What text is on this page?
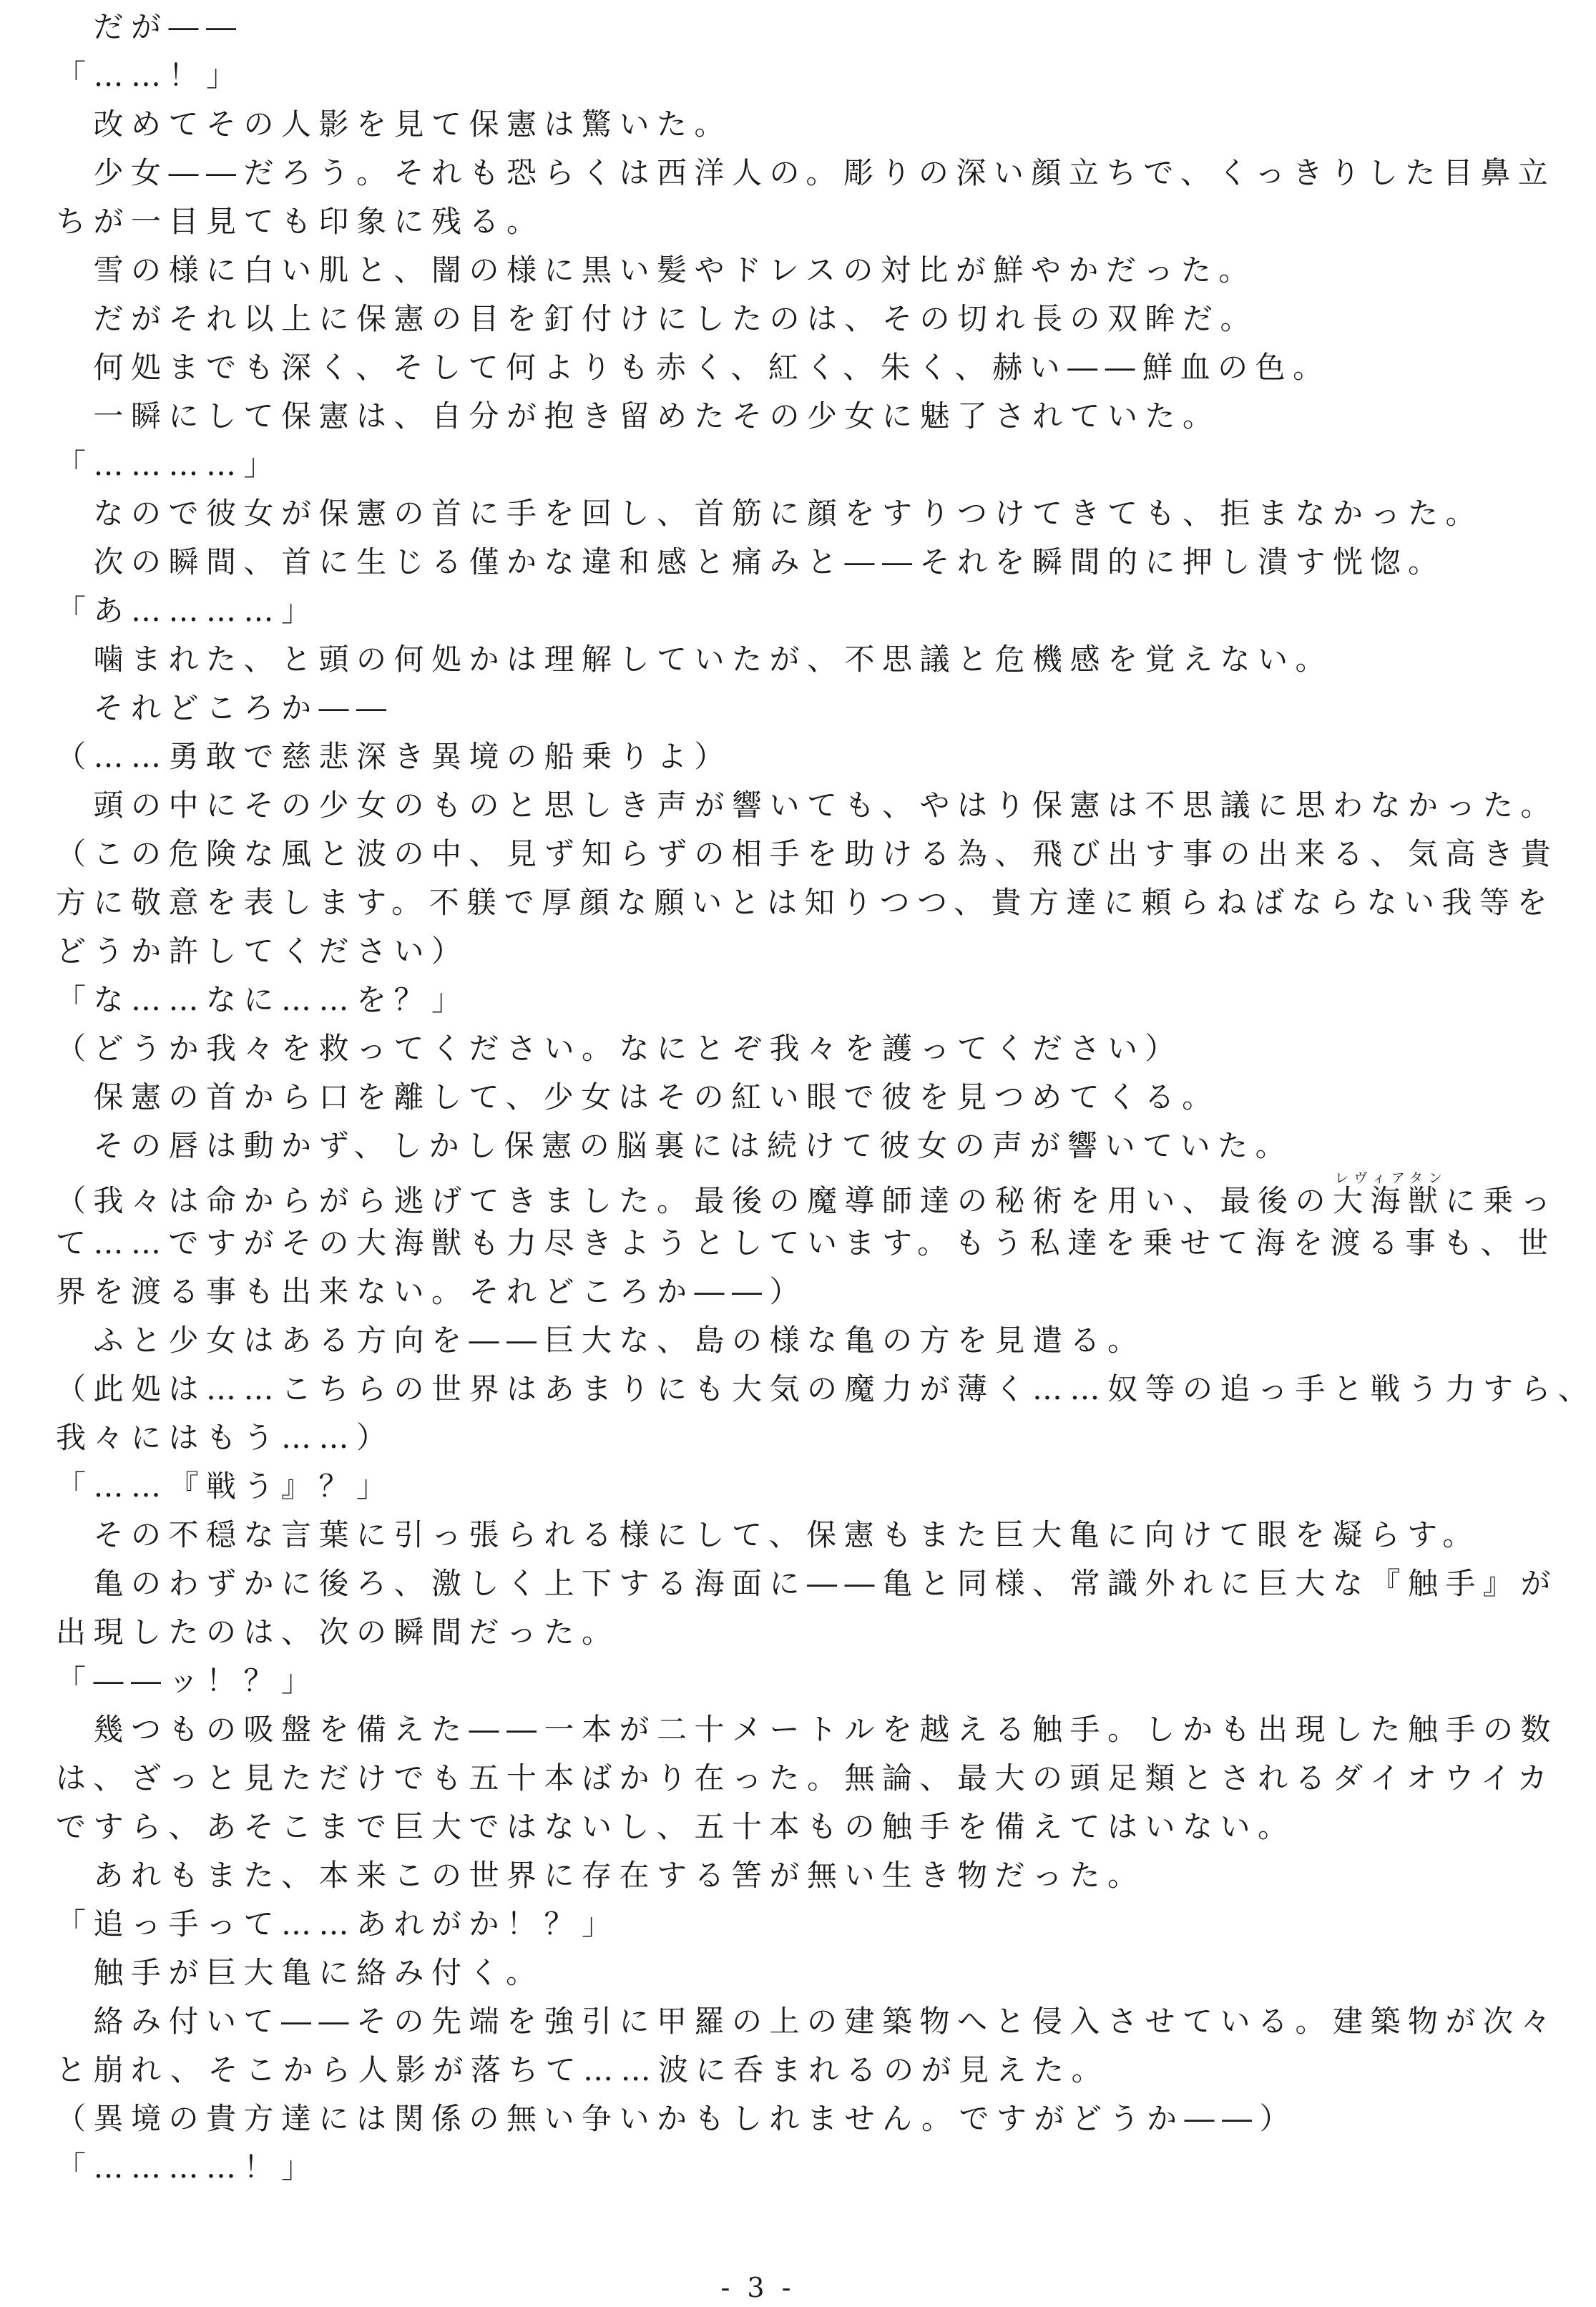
　だが――
「……！」
　改めてその人影を見て保憲は驚いた。
　少女――だろう。それも恐らくは西洋人の。彫りの深い顔立ちで、くっきりした目鼻立
ちが一目見ても印象に残る。
　雪の様に白い肌と、闇の様に黒い髪やドレスの対比が鮮やかだった。
　だがそれ以上に保憲の目を釘付けにしたのは、その切れ長の双眸だ。
　何処までも深く、そして何よりも赤く、紅く、朱く、赫い――鮮血の色。
　一瞬にして保憲は、自分が抱き留めたその少女に魅了されていた。
「…………」
　なので彼女が保憲の首に手を回し、首筋に顔をすりつけてきても、拒まなかった。
　次の瞬間、首に生じる僅かな違和感と痛みと――それを瞬間的に押し潰す恍惚。
「あ…………」
　噛まれた、と頭の何処かは理解していたが、不思議と危機感を覚えない。
　それどころか――
（……勇敢で慈悲深き異境の船乗りよ）
　頭の中にその少女のものと思しき声が響いても、やはり保憲は不思議に思わなかった。
（この危険な風と波の中、見ず知らずの相手を助ける為、飛び出す事の出来る、気高き貴
方に敬意を表します。不躾で厚顔な願いとは知りつつ、貴方達に頼らねばならない我等を
どうか許してください）
「な……なに……を？」
（どうか我々を救ってください。なにとぞ我々を護ってください）
　保憲の首から口を離して、少女はその紅い眼で彼を見つめてくる。
　その唇は動かず、しかし保憲の脳裏には続けて彼女の声が響いていた。
（我々は命からがら逃げてきました。最後の魔導師達の秘術を用い、最後の大海獣レヴィアタンに乗っ
て……ですがその大海獣も力尽きようとしています。もう私達を乗せて海を渡る事も、世
界を渡る事も出来ない。それどころか――）
　ふと少女はある方向を――巨大な、島の様な亀の方を見遣る。
（此処は……こちらの世界はあまりにも大気の魔力が薄く……奴等の追っ手と戦う力すら、
我々にはもう……）
「……『戦う』？」
　その不穏な言葉に引っ張られる様にして、保憲もまた巨大亀に向けて眼を凝らす。
　亀のわずかに後ろ、激しく上下する海面に――亀と同様、常識外れに巨大な『触手』が
出現したのは、次の瞬間だった。
「――ッ！？」
　幾つもの吸盤を備えた――一本が二十メートルを越える触手。しかも出現した触手の数
は、ざっと見ただけでも五十本ばかり在った。無論、最大の頭足類とされるダイオウイカ
ですら、あそこまで巨大ではないし、五十本もの触手を備えてはいない。
　あれもまた、本来この世界に存在する筈が無い生き物だった。
「追っ手って……あれがか！？」
　触手が巨大亀に絡み付く。
　絡み付いて――その先端を強引に甲羅の上の建築物へと侵入させている。建築物が次々
と崩れ、そこから人影が落ちて……波に呑まれるのが見えた。
（異境の貴方達には関係の無い争いかもしれません。ですがどうか――）
「…………！」
- 3 -
